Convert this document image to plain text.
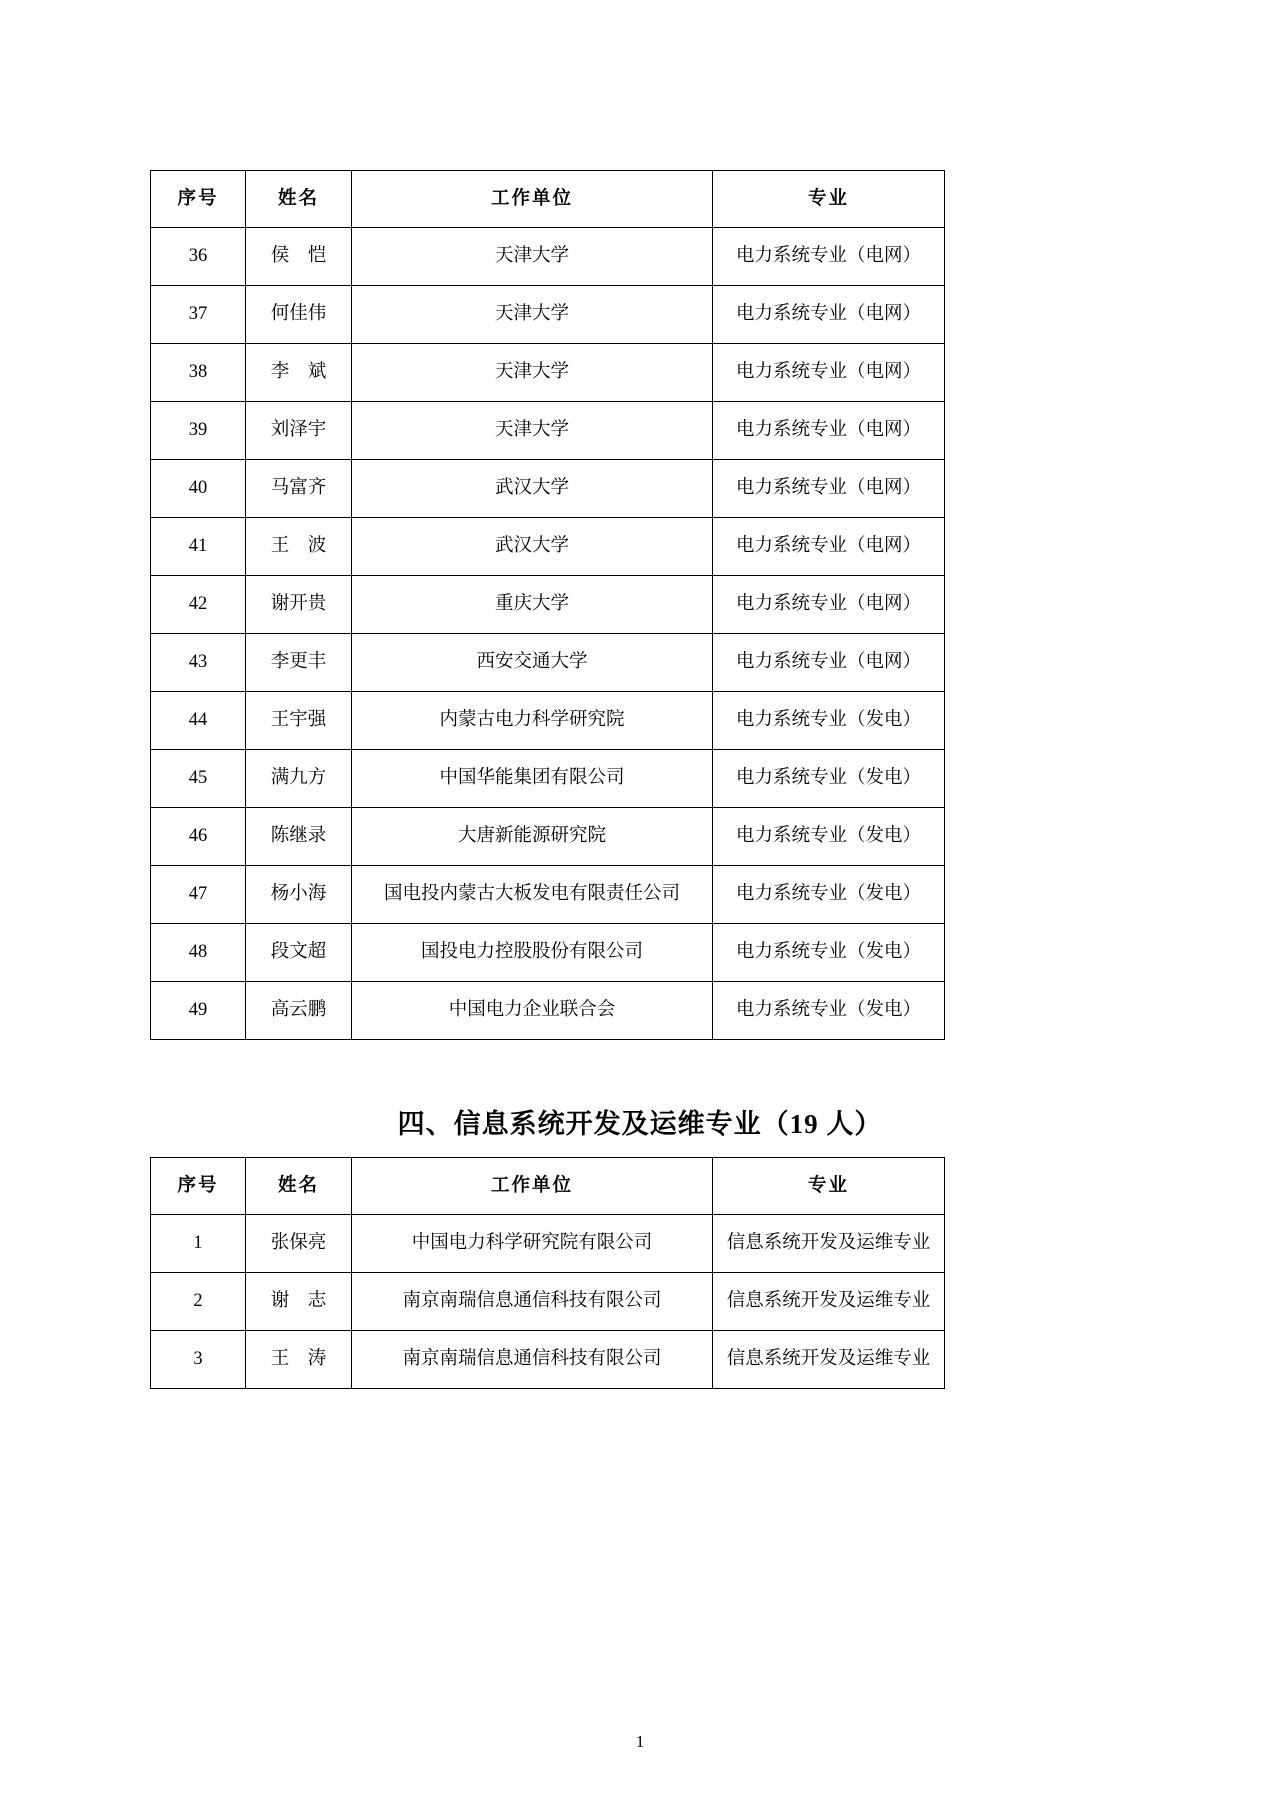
序号	姓名	工作单位	专业
36	侯　恺	天津大学	电力系统专业（电网）
37	何佳伟	天津大学	电力系统专业（电网）
38	李　斌	天津大学	电力系统专业（电网）
39	刘泽宇	天津大学	电力系统专业（电网）
40	马富齐	武汉大学	电力系统专业（电网）
41	王　波	武汉大学	电力系统专业（电网）
42	谢开贵	重庆大学	电力系统专业（电网）
43	李更丰	西安交通大学	电力系统专业（电网）
44	王宇强	内蒙古电力科学研究院	电力系统专业（发电）
45	满九方	中国华能集团有限公司	电力系统专业（发电）
46	陈继录	大唐新能源研究院	电力系统专业（发电）
47	杨小海	国电投内蒙古大板发电有限责任公司	电力系统专业（发电）
48	段文超	国投电力控股股份有限公司	电力系统专业（发电）
49	高云鹏	中国电力企业联合会	电力系统专业（发电）
四、信息系统开发及运维专业（19 人）
序号	姓名	工作单位	专业
1	张保亮	中国电力科学研究院有限公司	信息系统开发及运维专业
2	谢　志	南京南瑞信息通信科技有限公司	信息系统开发及运维专业
3	王　涛	南京南瑞信息通信科技有限公司	信息系统开发及运维专业
1
